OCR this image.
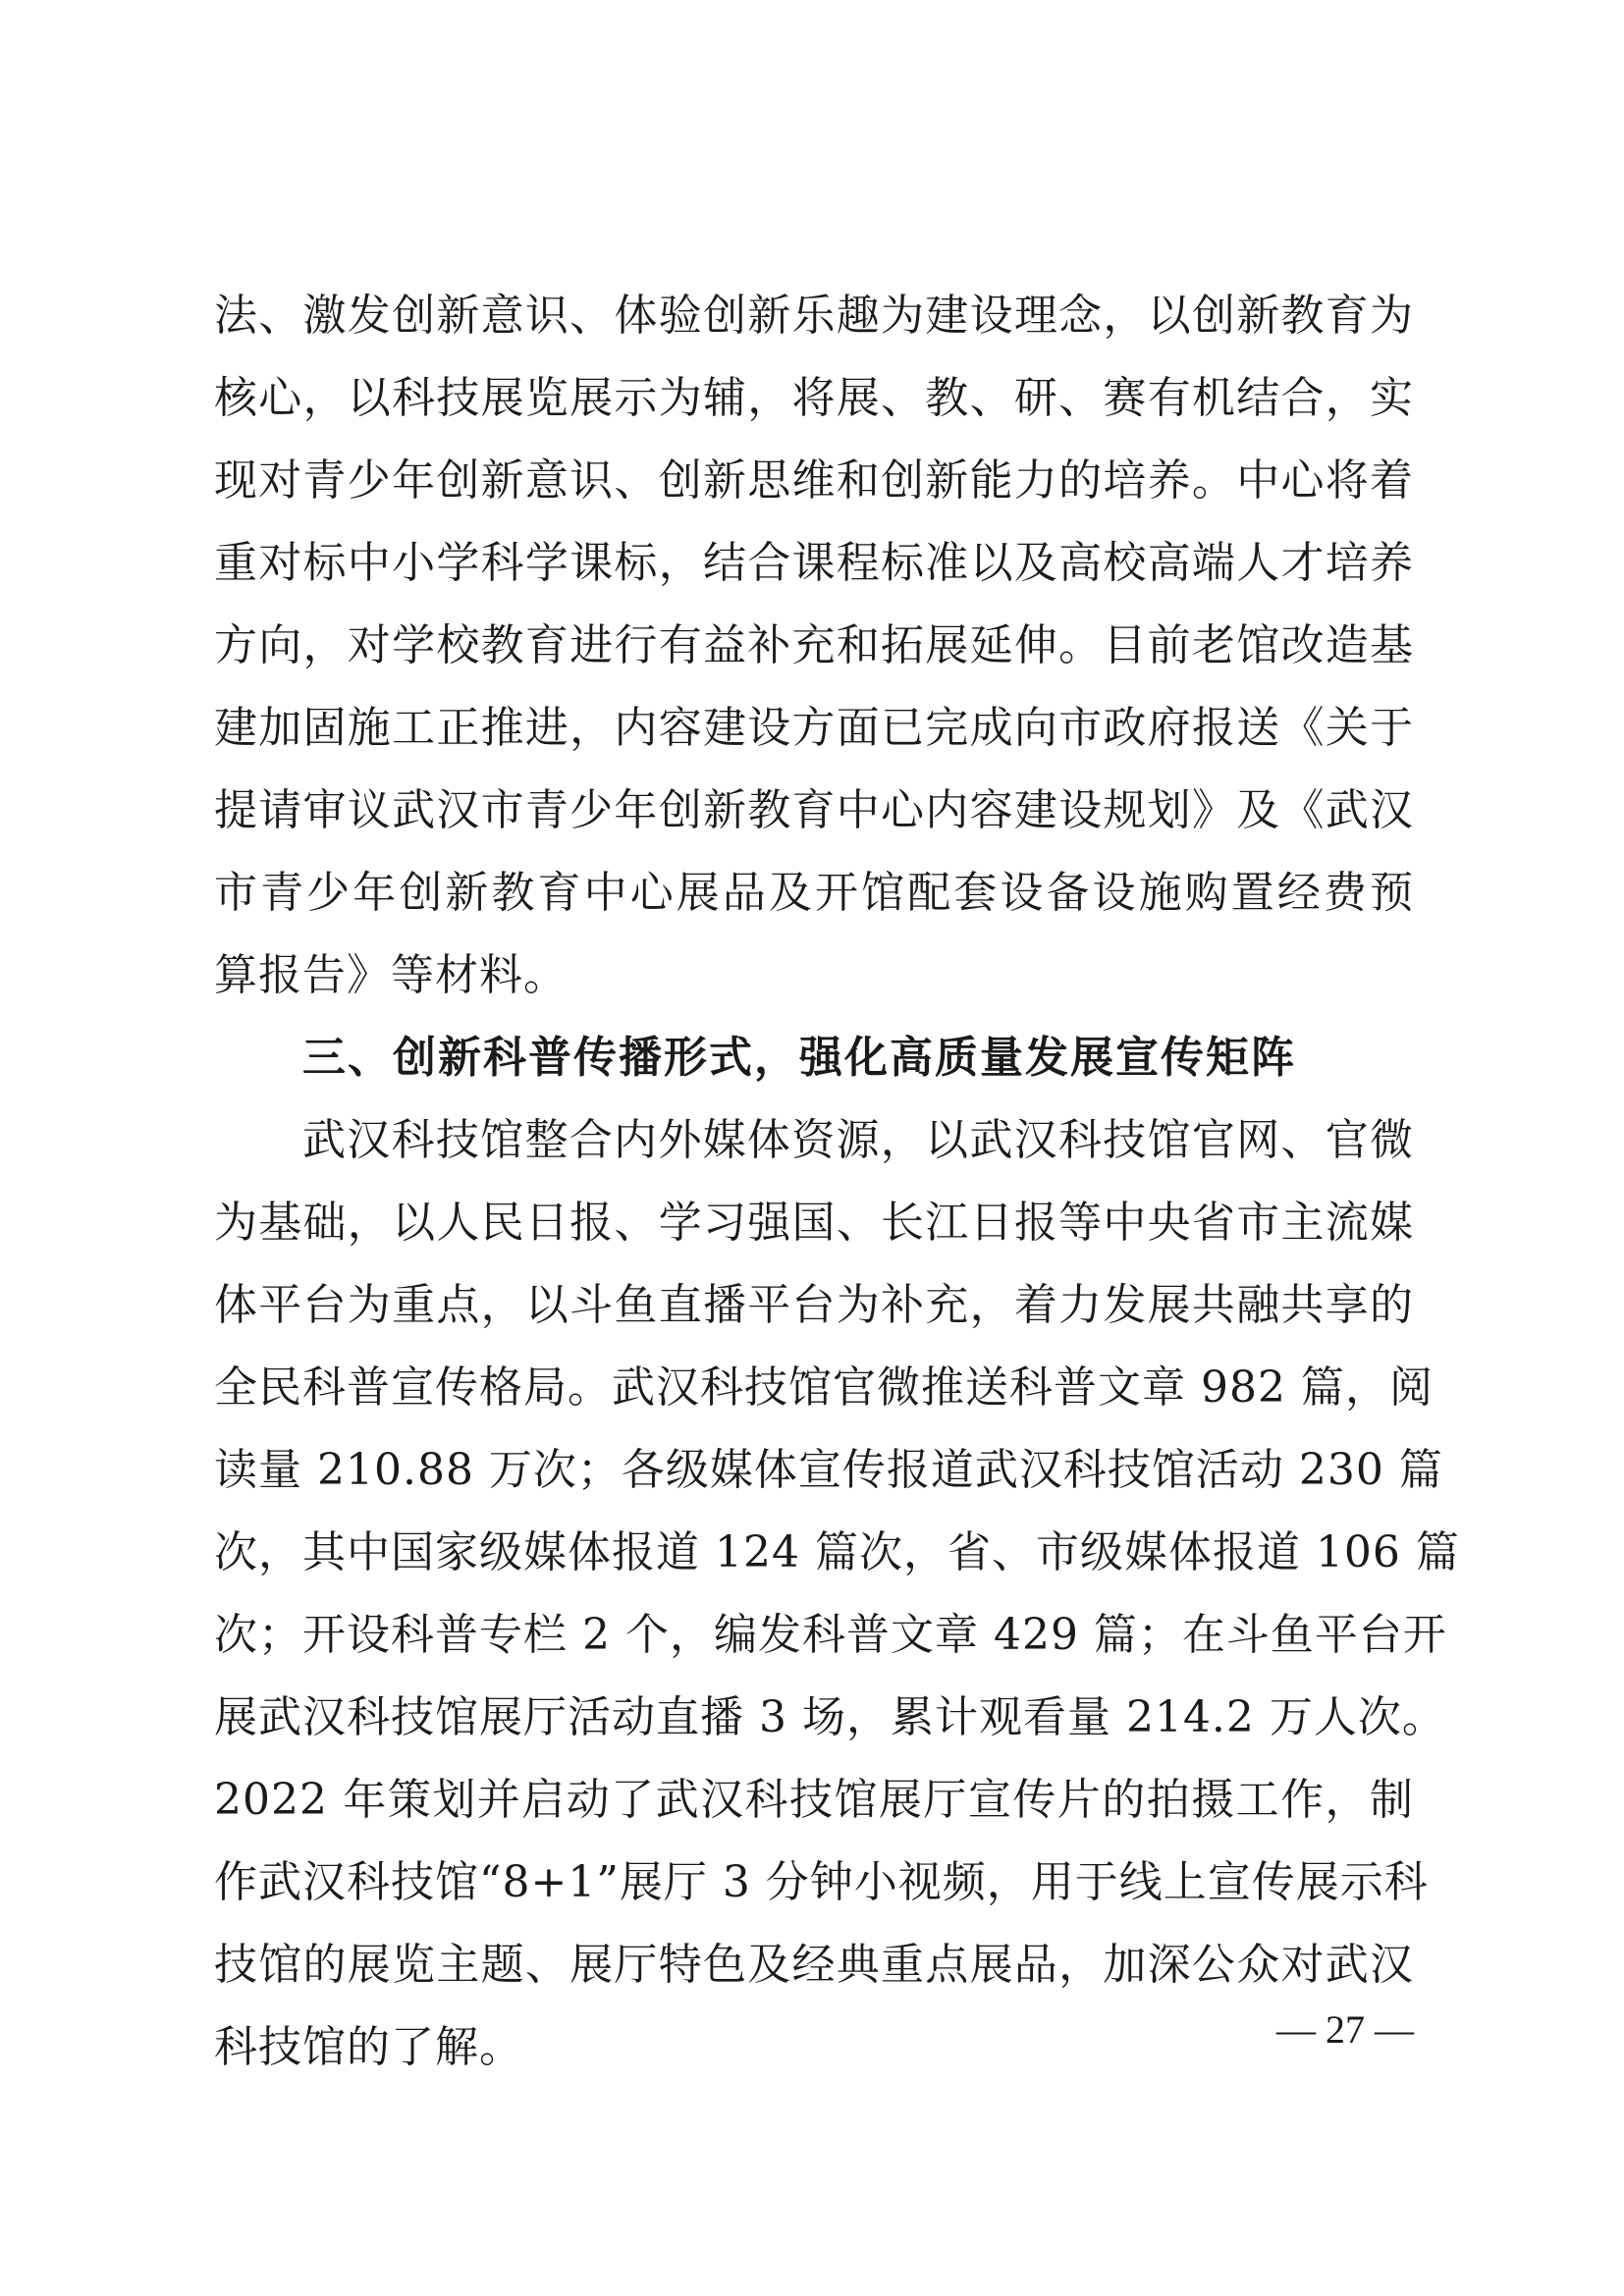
法、激发创新意识、体验创新乐趣为建设理念，以创新教育为
核心，以科技展览展示为辅，将展、教、研、赛有机结合，实
现对青少年创新意识、创新思维和创新能力的培养。中心将着
重对标中小学科学课标，结合课程标准以及高校高端人才培养
方向，对学校教育进行有益补充和拓展延伸。目前老馆改造基
建加固施工正推进，内容建设方面已完成向市政府报送《关于
提请审议武汉市青少年创新教育中心内容建设规划》及《武汉
市青少年创新教育中心展品及开馆配套设备设施购置经费预
算报告》等材料。
三、创新科普传播形式，强化高质量发展宣传矩阵
武汉科技馆整合内外媒体资源，以武汉科技馆官网、官微
为基础，以人民日报、学习强国、长江日报等中央省市主流媒
体平台为重点，以斗鱼直播平台为补充，着力发展共融共享的
全民科普宣传格局。武汉科技馆官微推送科普文章 982 篇，阅
读量 210.88 万次；各级媒体宣传报道武汉科技馆活动 230 篇
次，其中国家级媒体报道 124 篇次，省、市级媒体报道 106 篇
次；开设科普专栏 2 个，编发科普文章 429 篇；在斗鱼平台开
展武汉科技馆展厅活动直播 3 场，累计观看量 214.2 万人次。
2022 年策划并启动了武汉科技馆展厅宣传片的拍摄工作，制
作武汉科技馆“8+1”展厅 3 分钟小视频，用于线上宣传展示科
技馆的展览主题、展厅特色及经典重点展品，加深公众对武汉
科技馆的了解。	— 27 —
